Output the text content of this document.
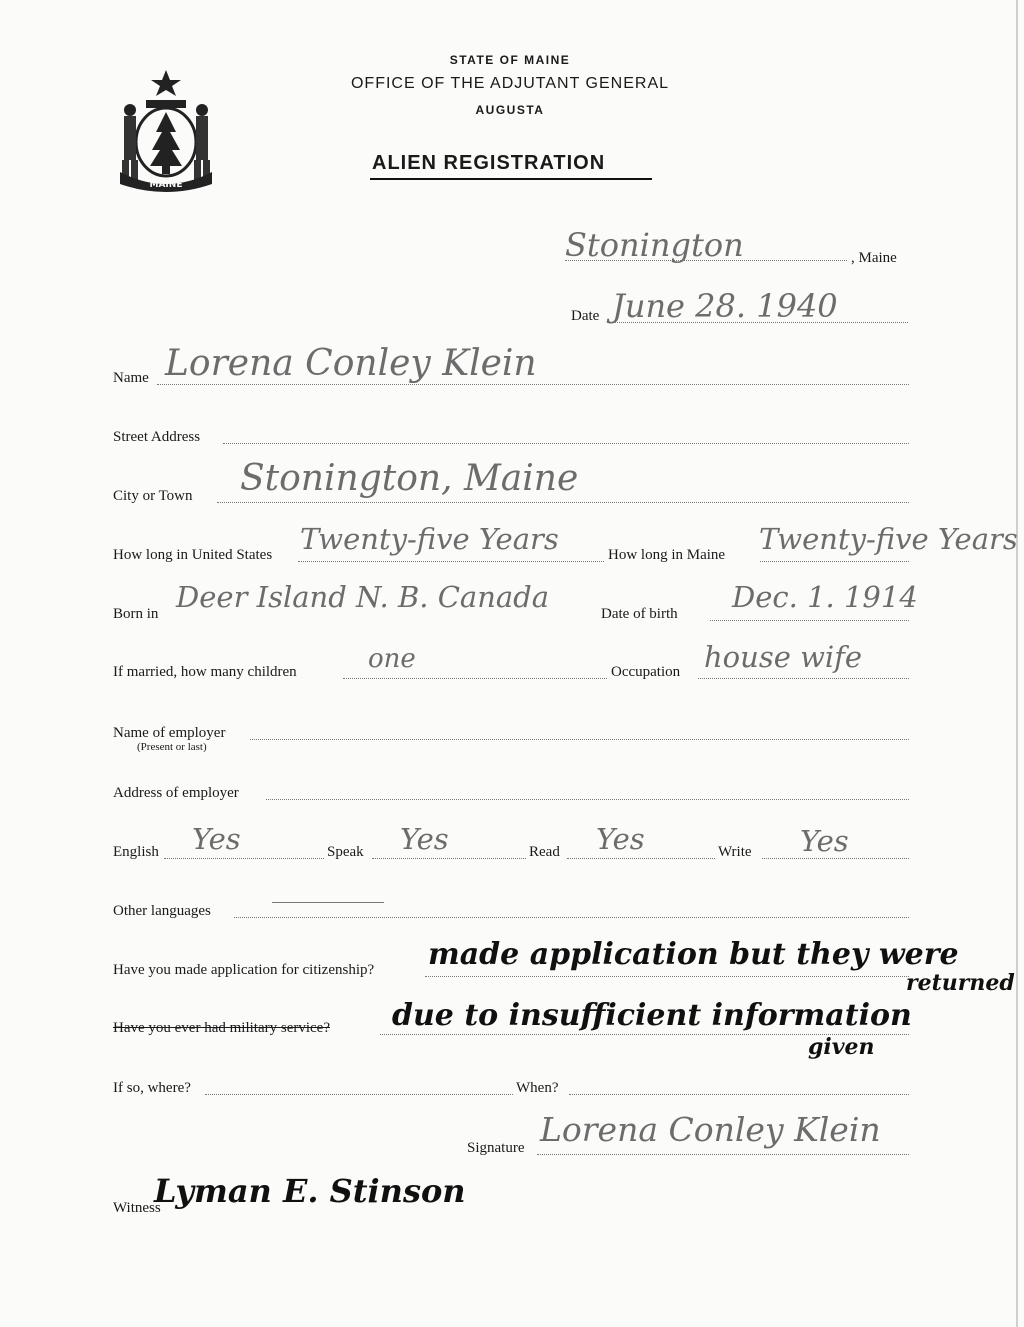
MAINE
STATE OF MAINE
OFFICE OF THE ADJUTANT GENERAL
AUGUSTA
ALIEN REGISTRATION
Stonington	, Maine
Date June 28. 1940
Name Lorena Conley Klein
Street Address
City or Town Stonington, Maine
How long in United States Twenty-five Years	How long in Maine Twenty-five Years
Born in Deer Island N. B. Canada	Date of birth Dec. 1. 1914
If married, how many children	one	Occupation house wife
Name of employer
(Present or last)
Address of employer
English Yes	Speak Yes	Read Yes	Write Yes
Other languages
Have you made application for citizenship? made application but they were
returned
Have you ever had military service? due to insufficient information
given
If so, where?	When?
Signature Lorena Conley Klein
Witness
Lyman E. Stinson
